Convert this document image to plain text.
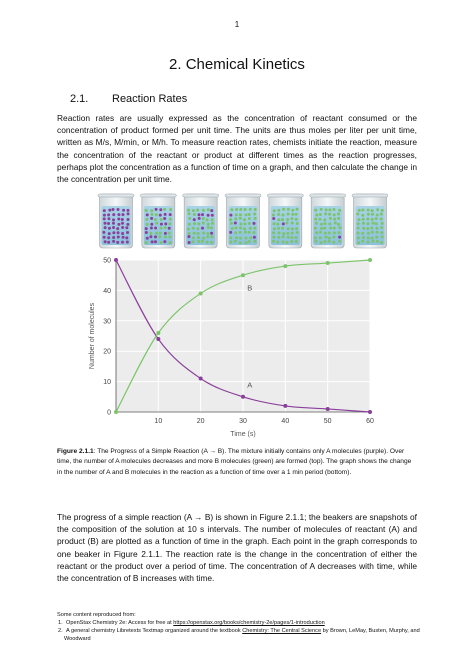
1
2. Chemical Kinetics
2.1. Reaction Rates
Reaction rates are usually expressed as the concentration of reactant consumed or the concentration of product formed per unit time. The units are thus moles per liter per unit time, written as M/s, M/min, or M/h. To measure reaction rates, chemists initiate the reaction, measure the concentration of the reactant or product at different times as the reaction progresses, perhaps plot the concentration as a function of time on a graph, and then calculate the change in the concentration per unit time.
0
10
20
30
40
50
10	20	30	40	50	60
Number of molecules
Time (s)
A
B
Figure 2.1.1: The Progress of a Simple Reaction (A → B). The mixture initially contains only A molecules (purple). Over time, the number of A molecules decreases and more B molecules (green) are formed (top). The graph shows the change in the number of A and B molecules in the reaction as a function of time over a 1 min period (bottom).
The progress of a simple reaction (A → B) is shown in Figure 2.1.1; the beakers are snapshots of the composition of the solution at 10 s intervals. The number of molecules of reactant (A) and product (B) are plotted as a function of time in the graph. Each point in the graph corresponds to one beaker in Figure 2.1.1. The reaction rate is the change in the concentration of either the reactant or the product over a period of time. The concentration of A decreases with time, while the concentration of B increases with time.
Some content reproduced from:
1. OpenStax Chemistry 2e: Access for free at https://openstax.org/books/chemistry-2e/pages/1-introduction
2. A general chemistry Libretexts Textmap organized around the textbook Chemistry: The Central Science by Brown, LeMay, Busten, Murphy, and Woodward
